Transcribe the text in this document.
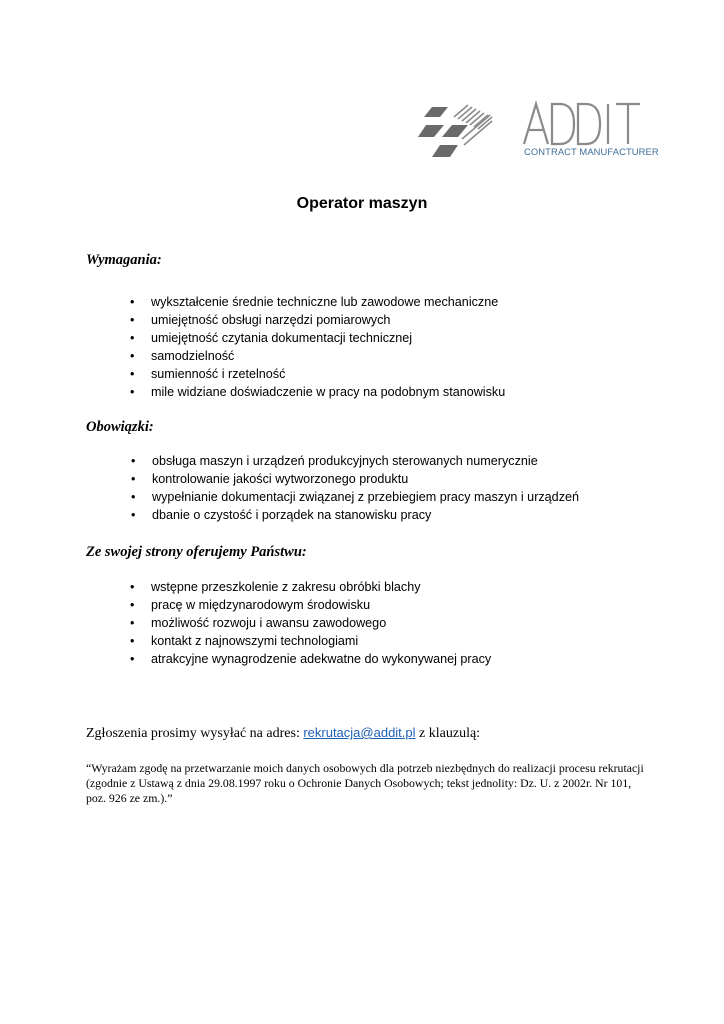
CONTRACT MANUFACTURER

Operator maszyn

Wymagania:

• wykształcenie średnie techniczne lub zawodowe mechaniczne
• umiejętność obsługi narzędzi pomiarowych
• umiejętność czytania dokumentacji technicznej
• samodzielność
• sumienność i rzetelność
• mile widziane doświadczenie w pracy na podobnym stanowisku

Obowiązki:

• obsługa maszyn i urządzeń produkcyjnych sterowanych numerycznie
• kontrolowanie jakości wytworzonego produktu
• wypełnianie dokumentacji związanej z przebiegiem pracy maszyn i urządzeń
• dbanie o czystość i porządek na stanowisku pracy

Ze swojej strony oferujemy Państwu:

• wstępne przeszkolenie z zakresu obróbki blachy
• pracę w międzynarodowym środowisku
• możliwość rozwoju i awansu zawodowego
• kontakt z najnowszymi technologiami
• atrakcyjne wynagrodzenie adekwatne do wykonywanej pracy

Zgłoszenia prosimy wysyłać na adres: rekrutacja@addit.pl z klauzulą:

“Wyrażam zgodę na przetwarzanie moich danych osobowych dla potrzeb niezbędnych do realizacji procesu rekrutacji (zgodnie z Ustawą z dnia 29.08.1997 roku o Ochronie Danych Osobowych; tekst jednolity: Dz. U. z 2002r. Nr 101, poz. 926 ze zm.).”
